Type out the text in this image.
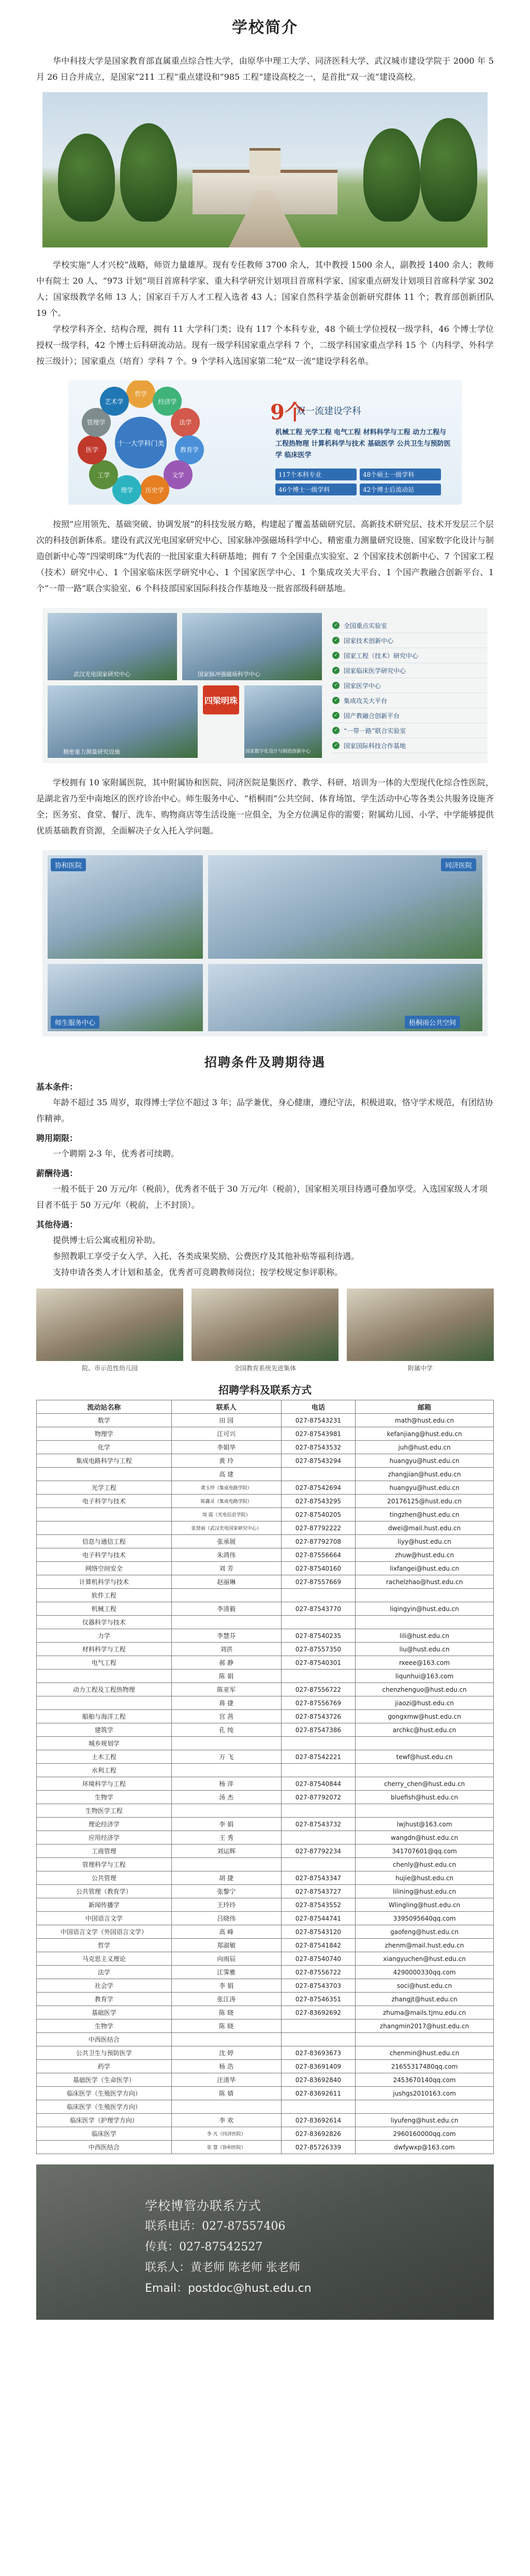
学校简介

华中科技大学是国家教育部直属重点综合性大学，由原华中理工大学、同济医科大学、武汉城市建设学院于 2000 年 5 月 26 日合并成立，是国家“211 工程”重点建设和“985 工程”建设高校之一，是首批“双一流”建设高校。

学校实施“人才兴校”战略，师资力量雄厚。现有专任教师 3700 余人，其中教授 1500 余人，副教授 1400 余人；教师中有院士 20 人、“973 计划”项目首席科学家、重大科学研究计划项目首席科学家、国家重点研发计划项目首席科学家 302 人；国家级教学名师 13 人；国家百千万人才工程入选者 43 人；国家自然科学基金创新研究群体 11 个；教育部创新团队 19 个。

学校学科齐全、结构合理，拥有 11 大学科门类；设有 117 个本科专业，48 个硕士学位授权一级学科，46 个博士学位授权一级学科，42 个博士后科研流动站。现有一级学科国家重点学科 7 个，二级学科国家重点学科 15 个（内科学、外科学按三级计）；国家重点（培育）学科 7 个。9 个学科入选国家第二轮“双一流”建设学科名单。

十一大学科门类
哲学
经济学
法学
教育学
文学
历史学
理学
工学
医学
管理学
艺术学	9个
双一流建设学科
机械工程 光学工程 电气工程 材料科学与工程 动力工程与工程热物理 计算机科学与技术 基础医学 公共卫生与预防医学 临床医学
117个本科专业	48个硕士一级学科
46个博士一级学科	42个博士后流动站

按照“应用领先、基础突破、协调发展”的科技发展方略，构建起了覆盖基础研究层、高新技术研究层、技术开发层三个层次的科技创新体系。建设有武汉光电国家研究中心、国家脉冲强磁场科学中心、精密重力测量研究设施、国家数字化设计与制造创新中心等“四梁明珠”为代表的一批国家重大科研基地；拥有 7 个全国重点实验室、2 个国家技术创新中心、7 个国家工程（技术）研究中心、1 个国家临床医学研究中心、1 个国家医学中心、1 个集成攻关大平台、1 个国产教融合创新平台、1 个“一带一路”联合实验室、6 个科技部国家国际科技合作基地及一批省部级科研基地。

四梁明珠
✓ 全国重点实验室
✓ 国家技术创新中心
✓ 国家工程（技术）研究中心
✓ 国家临床医学研究中心
✓ 国家医学中心
✓ 集成攻关大平台
✓ 国产教融合创新平台
✓ “一带一路”联合实验室
✓ 国家国际科技合作基地
武汉光电国家研究中心	国家脉冲强磁场科学中心
精密重力测量研究设施	国家数字化设计与制造创新中心

学校拥有 10 家附属医院，其中附属协和医院、同济医院是集医疗、教学、科研、培训为一体的大型现代化综合性医院，是湖北省乃至中南地区的医疗诊治中心。师生服务中心、“梧桐雨”公共空间、体育场馆、学生活动中心等各类公共服务设施齐全；医务室、食堂、餐厅、洗车、购物商店等生活设施一应俱全，为全方位满足你的需要；附属幼儿园、小学、中学能够提供优质基础教育资源，全面解决子女入托入学问题。

协和医院	同济医院
梧桐雨公共空间
师生服务中心
招聘条件及聘期待遇
基本条件：

年龄不超过 35 周岁，取得博士学位不超过 3 年；品学兼优，身心健康，遵纪守法，积极进取，恪守学术规范，有团结协作精神。

聘用期限：

一个聘期 2-3 年，优秀者可续聘。

薪酬待遇：

一般不低于 20 万元/年（税前），优秀者不低于 30 万元/年（税前），国家相关项目待遇可叠加享受。入选国家级人才项目者不低于 50 万元/年（税前，上不封顶）。

其他待遇：

提供博士后公寓或租房补助。

参照教职工享受子女入学、入托、各类成果奖励、公费医疗及其他补贴等福利待遇。

支持申请各类人才计划和基金，优秀者可竞聘教师岗位；按学校规定参评职称。

院、市示范性幼儿园	全国教育系统先进集体	附属中学
招聘学科及联系方式
流动站名称	联系人	电话	邮箱
数学	田 园	027-87543231	math@hust.edu.cn
物理学	江可兴	027-87543981	kefanjiang@hust.edu.cn
化学	李娟华	027-87543532	juh@hust.edu.cn
集成电路科学与工程	黄 玲	027-87543294	huangyu@hust.edu.cn
	高 建		zhangjian@hust.edu.cn
光学工程	黄玉珍（集成电路学院）	027-87542694	huangyu@hust.edu.cn
电子科学与技术	陈鑫灵（集成电路学院）	027-87543295	20176125@hust.edu.cn
	周 霞（光电信息学院）	027-87540205	tingzhen@hust.edu.cn
	张贤丽（武汉光电国家研究中心）	027-87792222	dwei@mail.hust.edu.cn
信息与通信工程	张承展	027-87792708	liyy@hust.edu.cn
电子科学与技术	朱鸿伟	027-87556664	zhuw@hust.edu.cn
网络空间安全	刘 芳	027-87540160	lixfangei@hust.edu.cn
计算机科学与技术	赵丽琳	027-87557669	rachelzhao@hust.edu.cn
软件工程			
机械工程	李清毅	027-87543770	liqingyin@hust.edu.cn
仪器科学与技术			
力学	李慧芬	027-87540235	lili@hust.edu.cn
材料科学与工程	刘洪	027-87557350	liu@hust.edu.cn
电气工程	郝 静	027-87540301	rxeee@163.com
	陈 娟		liqunhui@163.com
动力工程及工程热物理	陈亚军	027-87556722	chenzhenguo@hust.edu.cn
	蒋 捷	027-87556769	jiaozi@hust.edu.cn
船舶与海洋工程	宫 茜	027-87543726	gongxmw@hust.edu.cn
建筑学	孔 纯	027-87547386	archkc@hust.edu.cn
城乡规划学			
土木工程	万 飞	027-87542221	tewf@hust.edu.cn
水利工程			
环境科学与工程	杨 萍	027-87540844	cherry_chen@hust.edu.cn
生物学	汤 杰	027-87792072	bluefish@hust.edu.cn
生物医学工程			
理论经济学	李 娟	027-87543732	lwjhust@163.com
应用经济学	王 秀		wangdn@hust.edu.cn
工商管理	刘运辉	027-87792234	341707601@qq.com
管理科学与工程			chenly@hust.edu.cn
公共管理	胡 捷	027-87543347	hujie@hust.edu.cn
公共管理（教育学）	张黎宁	027-87543727	lilining@hust.edu.cn
新闻传播学	王玲玲	027-87543552	Wlingling@hust.edu.cn
中国语言文学	吕晓伟	027-87544741	3395095640qq.com
中国语言文学（外国语言文学）	高 峰	027-87543120	gaofeng@hust.edu.cn
哲学	郑淑敏	027-87541842	zhenm@mail.hust.edu.cn
马克思主义理论	向雨辰	027-87540740	xiangyuchen@hust.edu.cn
法学	江霁雅	027-87556722	4290000330qq.com
社会学	李 娟	027-87543703	soci@hust.edu.cn
教育学	张江涛	027-87546351	zhangjt@hust.edu.cn
基础医学	陈 晓	027-83692692	zhuma@mails.tjmu.edu.cn
生物学	陈 晓		zhangmin2017@hust.edu.cn
中西医结合			
公共卫生与预防医学	沈 婷	027-83693673	chenmin@hust.edu.cn
药学	杨 浩	027-83691409	21655317480qq.com
基础医学（生命医学）	汪清华	027-83692840	2453670140qq.com
临床医学（生殖医学方向）	陈 婧	027-83692611	jushgs2010163.com
临床医学（生殖医学方向）			
临床医学（护理学方向）	李 欢	027-83692614	liyufeng@hust.edu.cn
临床医学	李 凡（同济医院）	027-83692826	2960160000qq.com
中西医结合	张 慧（协和医院）	027-85726339	dwfywxp@163.com
学校博管办联系方式
联系电话：027-87557406
传真：027-87542527
联系人：黄老师 陈老师 张老师
Email：postdoc@hust.edu.cn
